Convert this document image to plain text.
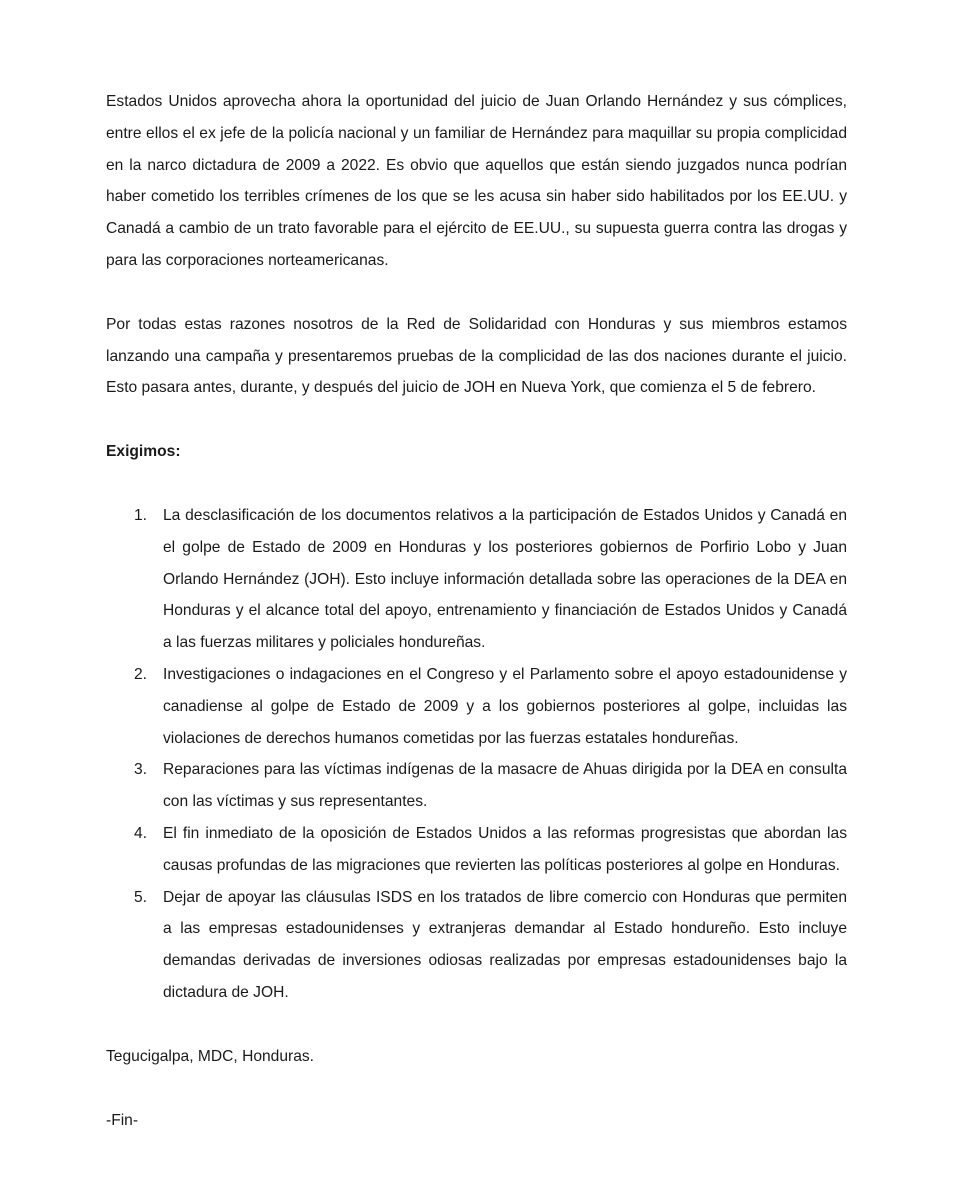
Estados Unidos aprovecha ahora la oportunidad del juicio de Juan Orlando Hernández y sus cómplices, entre ellos el ex jefe de la policía nacional y un familiar de Hernández para maquillar su propia complicidad en la narco dictadura de 2009 a 2022. Es obvio que aquellos que están siendo juzgados nunca podrían haber cometido los terribles crímenes de los que se les acusa sin haber sido habilitados por los EE.UU. y Canadá a cambio de un trato favorable para el ejército de EE.UU., su supuesta guerra contra las drogas y para las corporaciones norteamericanas.

Por todas estas razones nosotros de la Red de Solidaridad con Honduras y sus miembros estamos lanzando una campaña y presentaremos pruebas de la complicidad de las dos naciones durante el juicio. Esto pasara antes, durante, y después del juicio de JOH en Nueva York, que comienza el 5 de febrero.

Exigimos:

1. La desclasificación de los documentos relativos a la participación de Estados Unidos y Canadá en el golpe de Estado de 2009 en Honduras y los posteriores gobiernos de Porfirio Lobo y Juan Orlando Hernández (JOH). Esto incluye información detallada sobre las operaciones de la DEA en Honduras y el alcance total del apoyo, entrenamiento y financiación de Estados Unidos y Canadá a las fuerzas militares y policiales hondureñas.
2. Investigaciones o indagaciones en el Congreso y el Parlamento sobre el apoyo estadounidense y canadiense al golpe de Estado de 2009 y a los gobiernos posteriores al golpe, incluidas las violaciones de derechos humanos cometidas por las fuerzas estatales hondureñas.
3. Reparaciones para las víctimas indígenas de la masacre de Ahuas dirigida por la DEA en consulta con las víctimas y sus representantes.
4. El fin inmediato de la oposición de Estados Unidos a las reformas progresistas que abordan las causas profundas de las migraciones que revierten las políticas posteriores al golpe en Honduras.
5. Dejar de apoyar las cláusulas ISDS en los tratados de libre comercio con Honduras que permiten a las empresas estadounidenses y extranjeras demandar al Estado hondureño. Esto incluye demandas derivadas de inversiones odiosas realizadas por empresas estadounidenses bajo la dictadura de JOH.

Tegucigalpa, MDC, Honduras.

-Fin-
